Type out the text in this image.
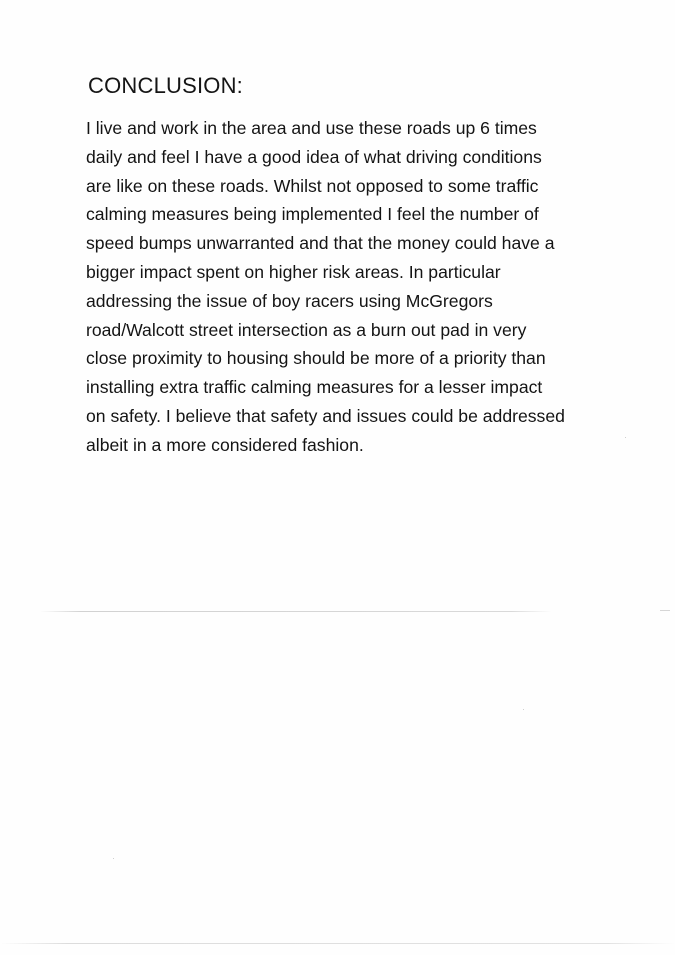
CONCLUSION:
I live and work in the area and use these roads up 6 times
daily and feel I have a good idea of what driving conditions
are like on these roads. Whilst not opposed to some traffic
calming measures being implemented I feel the number of
speed bumps unwarranted and that the money could have a
bigger impact spent on higher risk areas. In particular
addressing the issue of boy racers using McGregors
road/Walcott street intersection as a burn out pad in very
close proximity to housing should be more of a priority than
installing extra traffic calming measures for a lesser impact
on safety. I believe that safety and issues could be addressed
albeit in a more considered fashion.
